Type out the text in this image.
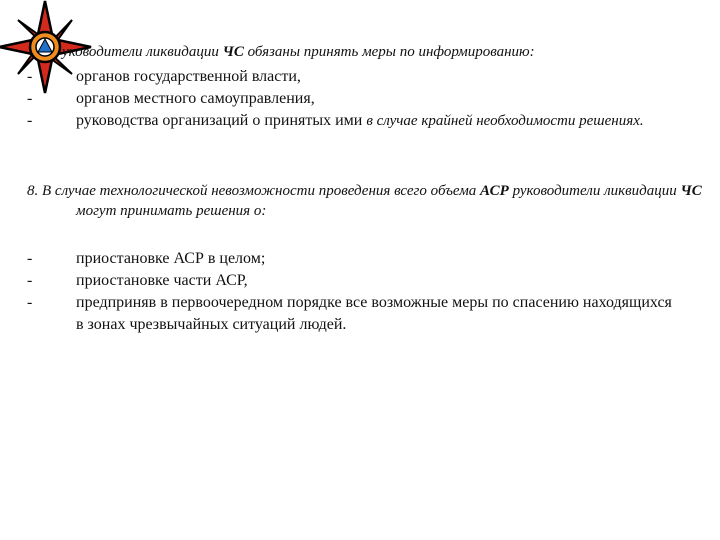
уководители ликвидации ЧС обязаны принять меры по информированию:
-	органов государственной власти,
-	органов местного самоуправления,
-	руководства организаций о принятых ими в случае крайней необходимости решениях.
8. В случае технологической невозможности проведения всего объема АСР руководители ликвидации ЧС могут принимать решения о:
-	приостановке АСР в целом;
-	приостановке части АСР,
-	предприняв в первоочередном порядке все возможные меры по спасению находящихся в зонах чрезвычайных ситуаций людей.
